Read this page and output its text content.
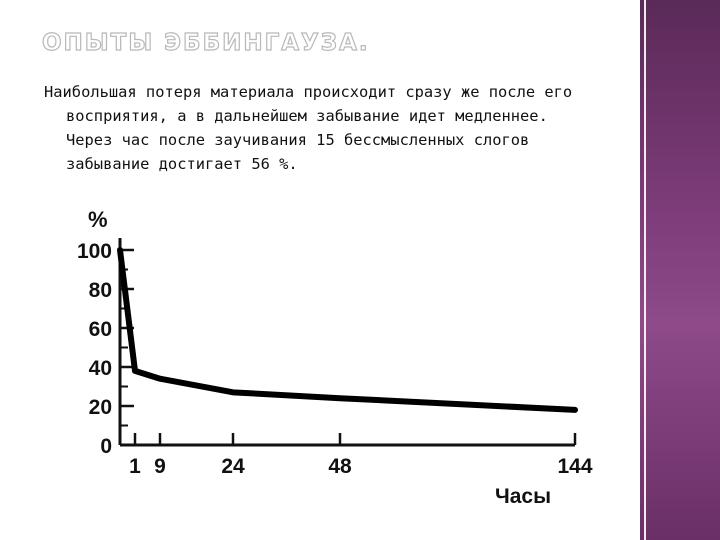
ОПЫТЫ ЭББИНГАУЗА.
Наибольшая потеря материала происходит сразу же после его
восприятия, а в дальнейшем забывание идет медленнее.
Через час после заучивания 15 бессмысленных слогов
забывание достигает 56 %.
%
0
20
40
60
80
100
1 9	24	48	144
Часы
